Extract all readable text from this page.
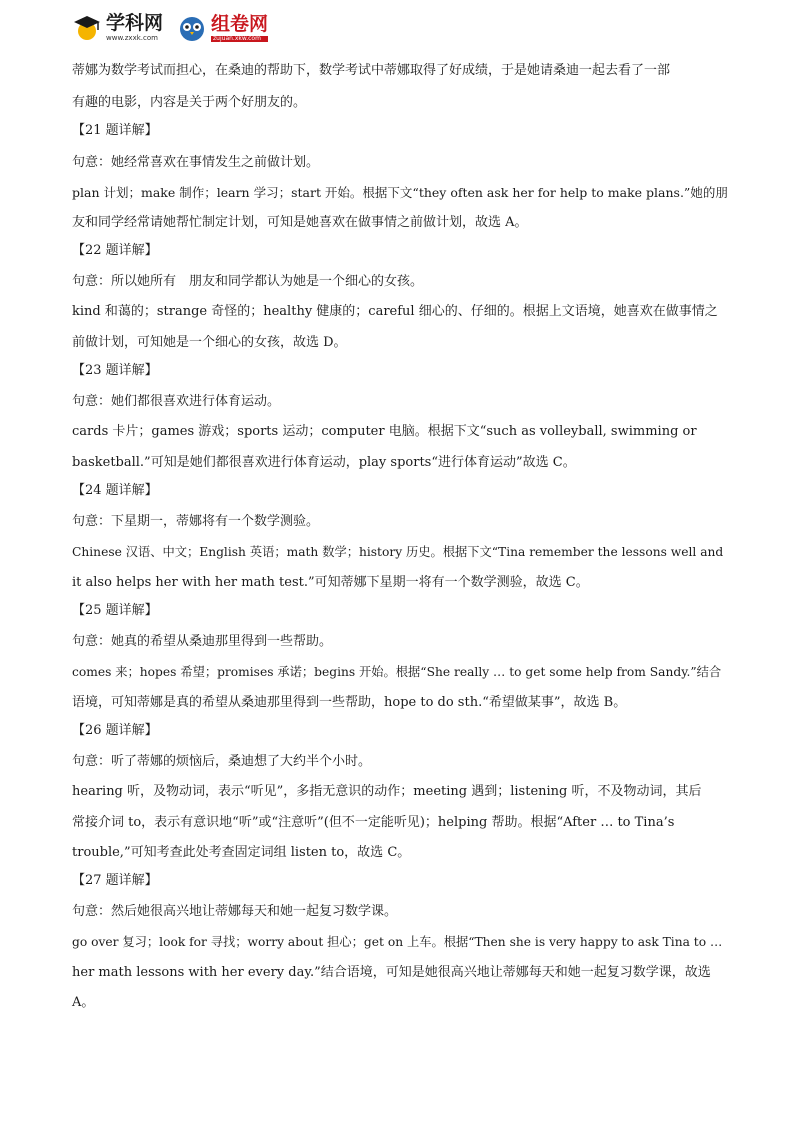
学科网
www.zxxk.com
组卷网
zujuan.xkw.com
蒂娜为数学考试而担心，在桑迪的帮助下，数学考试中蒂娜取得了好成绩，于是她请桑迪一起去看了一部
有趣的电影，内容是关于两个好朋友的。
【21 题详解】
句意：她经常喜欢在事情发生之前做计划。
plan 计划；make 制作；learn 学习；start 开始。根据下文“they often ask her for help to make plans.”她的朋
友和同学经常请她帮忙制定计划，可知是她喜欢在做事情之前做计划，故选 A。
【22 题详解】
句意：所以她所有　朋友和同学都认为她是一个细心的女孩。
kind 和蔼的；strange 奇怪的；healthy 健康的；careful 细心的、仔细的。根据上文语境，她喜欢在做事情之
前做计划，可知她是一个细心的女孩，故选 D。
【23 题详解】
句意：她们都很喜欢进行体育运动。
cards 卡片；games 游戏；sports 运动；computer 电脑。根据下文“such as volleyball, swimming or
basketball.”可知是她们都很喜欢进行体育运动，play sports“进行体育运动”故选 C。
【24 题详解】
句意：下星期一，蒂娜将有一个数学测验。
Chinese 汉语、中文；English 英语；math 数学；history 历史。根据下文“Tina remember the lessons well and
it also helps her with her math test.”可知蒂娜下星期一将有一个数学测验，故选 C。
【25 题详解】
句意：她真的希望从桑迪那里得到一些帮助。
comes 来；hopes 希望；promises 承诺；begins 开始。根据“She really … to get some help from Sandy.”结合
语境，可知蒂娜是真的希望从桑迪那里得到一些帮助，hope to do sth.“希望做某事”，故选 B。
【26 题详解】
句意：听了蒂娜的烦恼后，桑迪想了大约半个小时。
hearing 听，及物动词，表示“听见”，多指无意识的动作；meeting 遇到；listening 听，不及物动词，其后
常接介词 to，表示有意识地“听”或“注意听”(但不一定能听见)；helping 帮助。根据“After … to Tina’s
trouble,”可知考查此处考查固定词组 listen to，故选 C。
【27 题详解】
句意：然后她很高兴地让蒂娜每天和她一起复习数学课。
go over 复习；look for 寻找；worry about 担心；get on 上车。根据“Then she is very happy to ask Tina to …
her math lessons with her every day.”结合语境，可知是她很高兴地让蒂娜每天和她一起复习数学课，故选
A。
